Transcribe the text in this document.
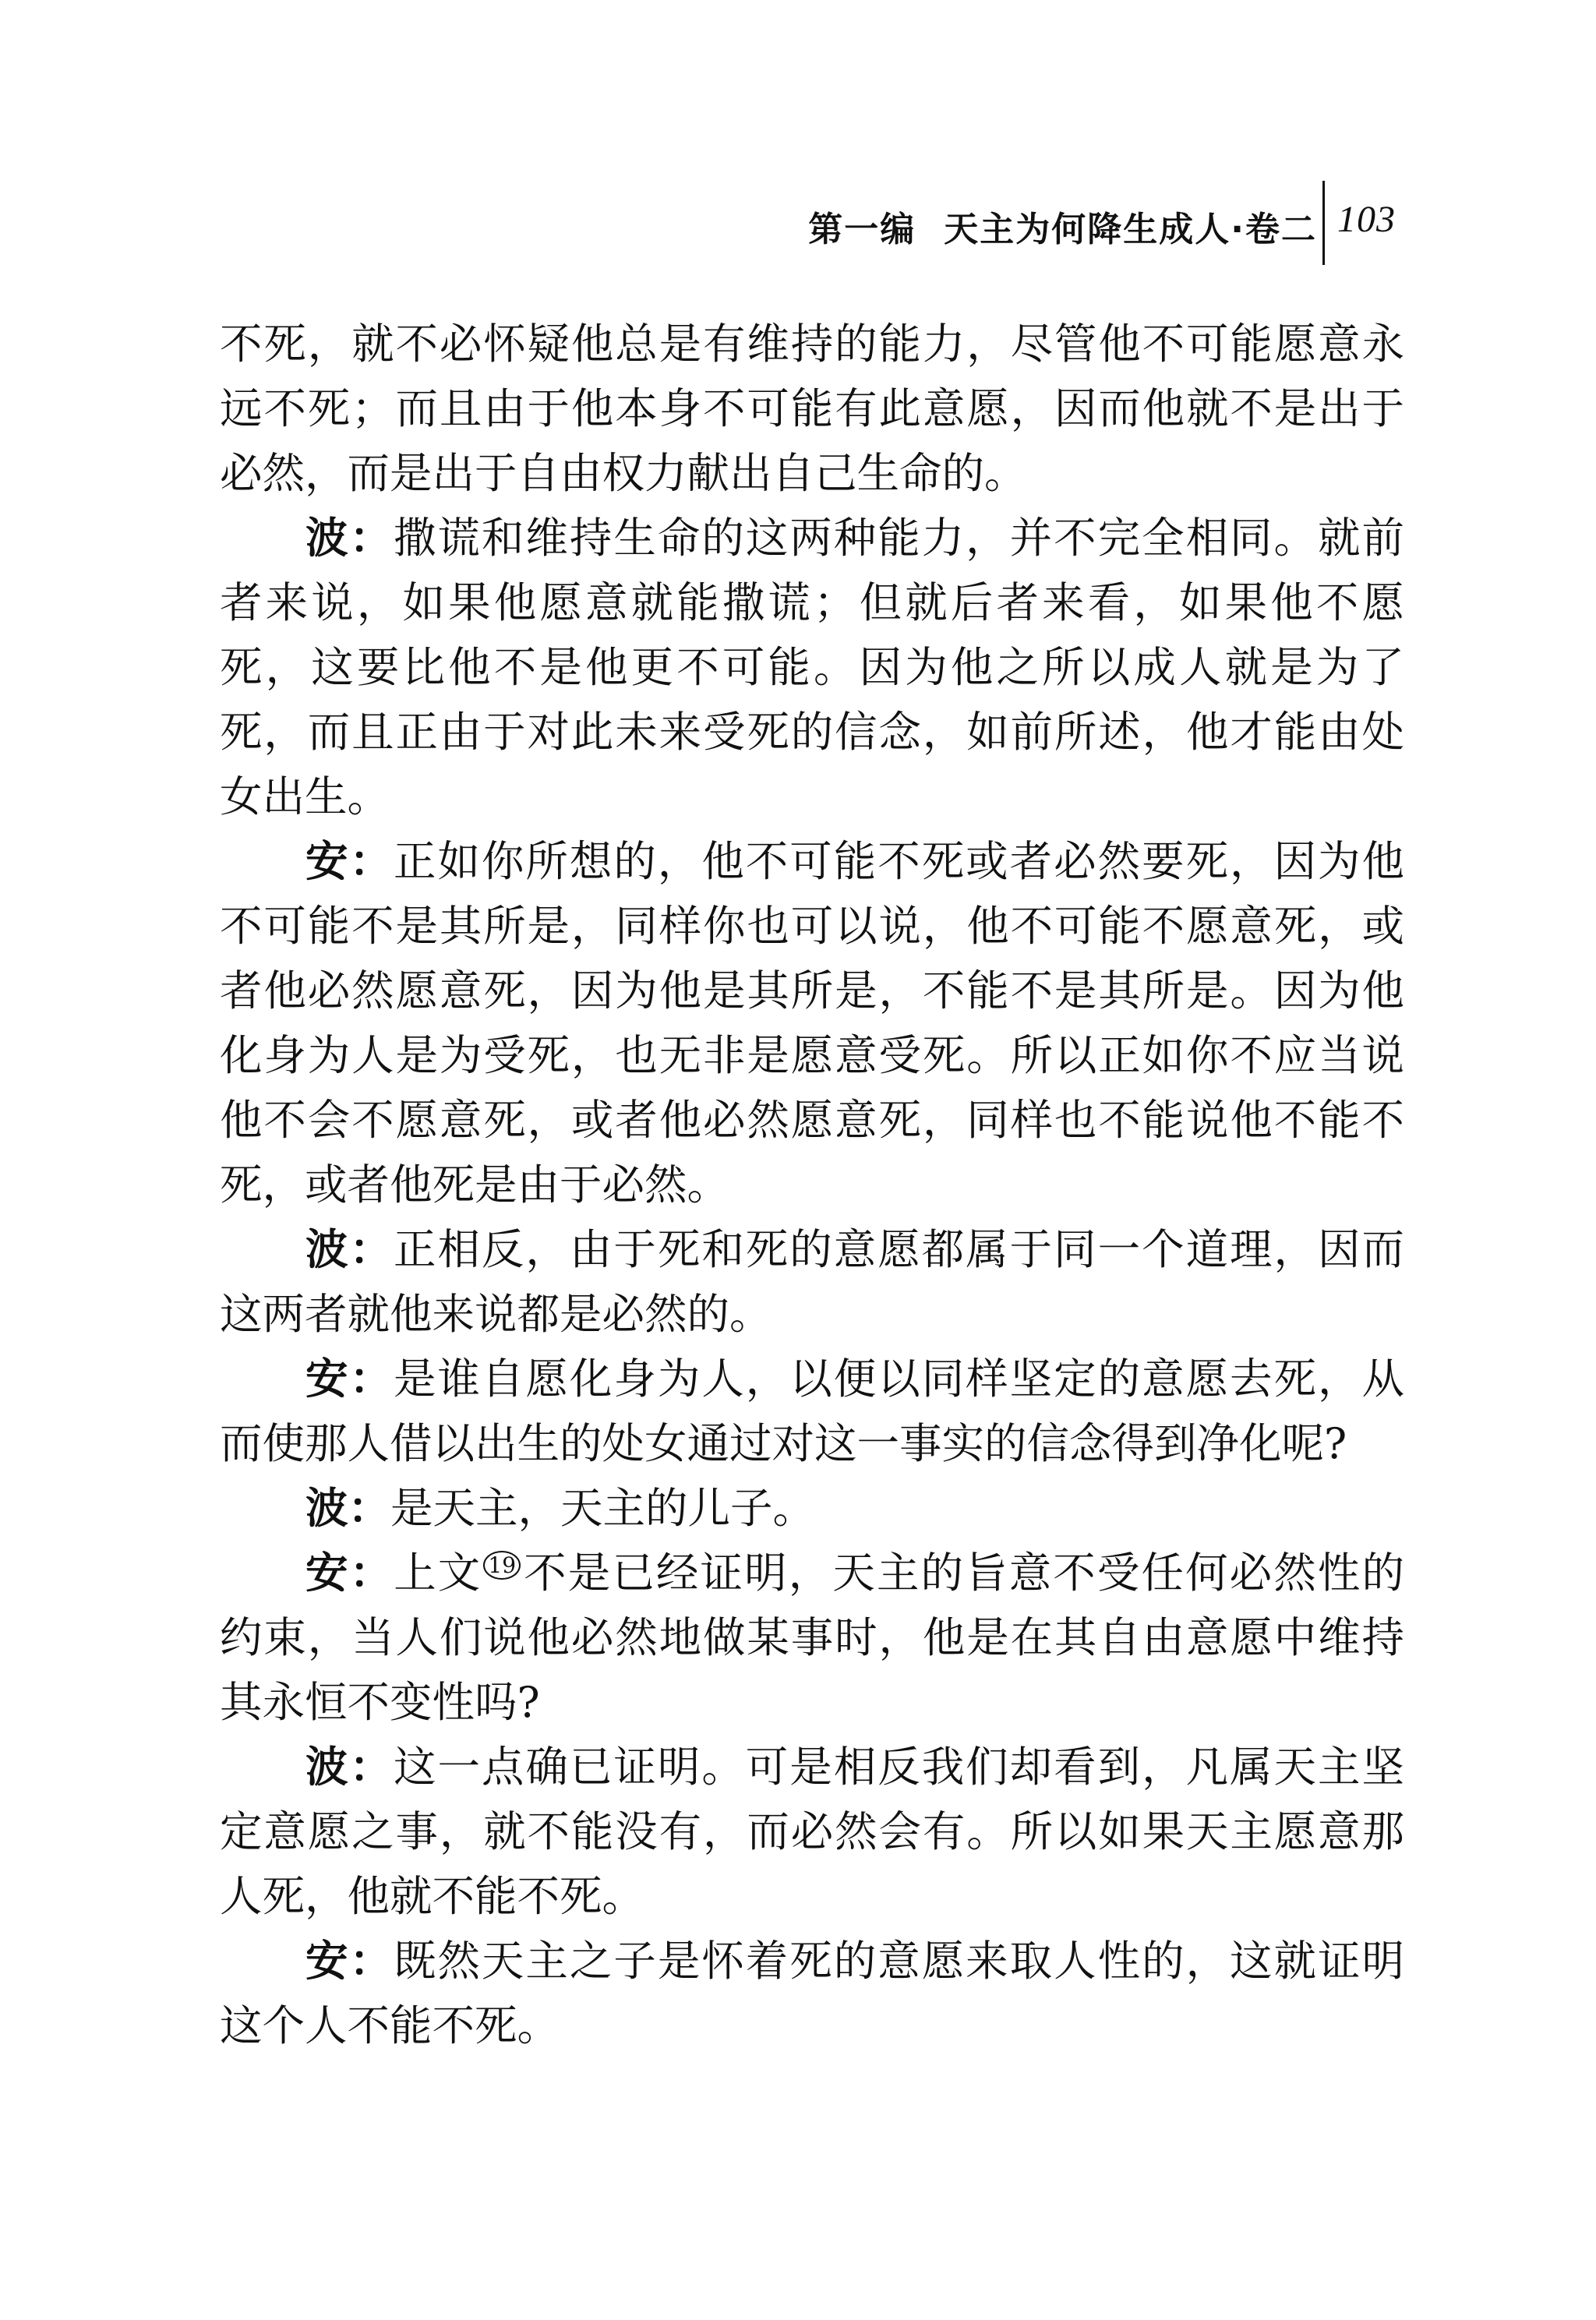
第一编 天主为何降生成人·卷二 103

不死，就不必怀疑他总是有维持的能力，尽管他不可能愿意永远不死；而且由于他本身不可能有此意愿，因而他就不是出于必然，而是出于自由权力献出自己生命的。

波：撒谎和维持生命的这两种能力，并不完全相同。就前者来说，如果他愿意就能撒谎；但就后者来看，如果他不愿死，这要比他不是他更不可能。因为他之所以成人就是为了死，而且正由于对此未来受死的信念，如前所述，他才能由处女出生。

安：正如你所想的，他不可能不死或者必然要死，因为他不可能不是其所是，同样你也可以说，他不可能不愿意死，或者他必然愿意死，因为他是其所是，不能不是其所是。因为他化身为人是为受死，也无非是愿意受死。所以正如你不应当说他不会不愿意死，或者他必然愿意死，同样也不能说他不能不死，或者他死是由于必然。

波：正相反，由于死和死的意愿都属于同一个道理，因而这两者就他来说都是必然的。

安：是谁自愿化身为人，以便以同样坚定的意愿去死，从而使那人借以出生的处女通过对这一事实的信念得到净化呢?

波：是天主，天主的儿子。

安：上文 $^{19}$ 不是已经证明，天主的旨意不受任何必然性的约束，当人们说他必然地做某事时，他是在其自由意愿中维持其永恒不变性吗?

波：这一点确已证明。可是相反我们却看到，凡属天主坚定意愿之事，就不能没有，而必然会有。所以如果天主愿意那人死，他就不能不死。

安：既然天主之子是怀着死的意愿来取人性的，这就证明这个人不能不死。
